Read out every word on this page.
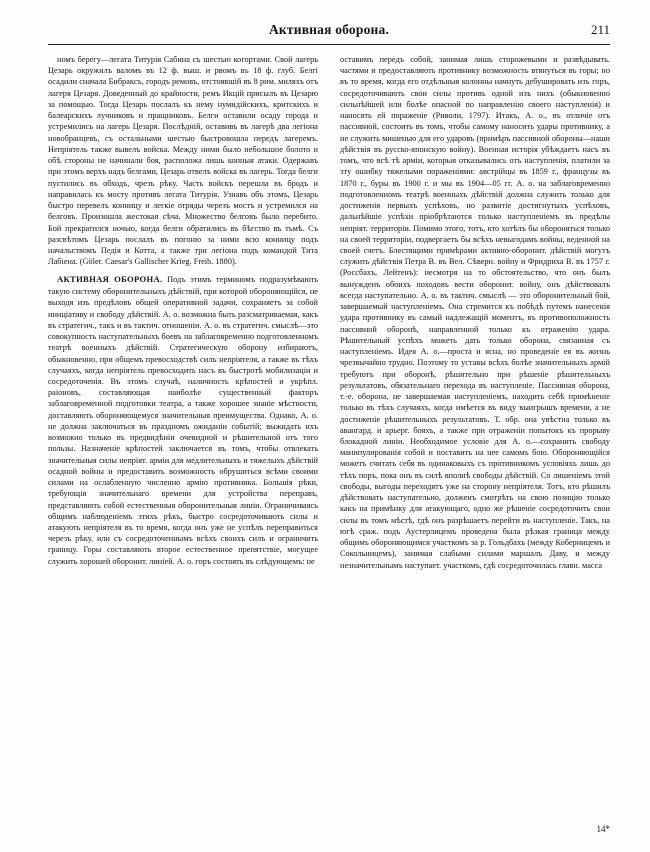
Активная оборона.	211

номъ берегу—легата Титурія Сабина съ шестью когортами. Свой лагерь Цезарь окружилъ валомъ въ 12 ф. выш. и рвомъ въ 18 ф. глуб. Белгі осадили сначала Бибраксъ, городъ ремовъ, отстоявшій въ 8 рим. миляхъ отъ лагеря Цезаря. Доведенный до крайности, ремъ Икцій присылъ въ Цезарю за помощью. Тогда Цезарь послалъ къ нему нумидійскихъ, критскихъ и балеарскихъ лучниковъ и пращниковъ. Белги оставили осаду города и устремились на лагерь Цезаря. Послѣдній, оставивъ въ лагерѣ два легіона новобранцевъ, съ остальными шестью быстровошла передъ лагеремъ. Непріятель также вывелъ войска. Между ними было небольшое болото и обѣ стороны не начинали боя, расположа лишь конныя атаки. Одержавъ при этомъ верхъ надъ белгами, Цезарь отвелъ войска въ лагерь. Тогда белги пустились въ обходъ, чрезъ рѣку. Часть войскъ перешла въ бродъ и направилась къ мосту противъ легата Титурія. Узнавъ объ этомъ, Цезарь быстро перевелъ конницу и легкіе отряды черезъ мостъ и устремился на белговъ. Произошла жестокая сѣча. Множество белговъ было перебито. Бой прекратился ночью, когда белги обратились въ бѣгство въ тьмѣ. Съ разсвѣтомъ Цезарь послалъ въ погоню за ними всю конницу подъ начальствомъ Педія и Котта, а также три легіона подъ командой Тита Лабіена. (Göler. Caesar's Gallischer Krieg. Freib. 1880).

АКТИВНАЯ ОБОРОНА. Подъ этимъ терминомъ подразумѣвають такую систему оборонительныхъ дѣйствій, при которой обороняющійся, не выходя изъ предѣловъ общей оперативной задачи, сохраняетъ за собой иниціативу и свободу дѣйствій. А. о. возможна быть разсматриваемая, какъ въ стратегич., такъ и въ тактич. отношеніи. А. о. въ стратегич. смыслѣ—это совокупность наступательныхъ боевъ на заблаговременно подготовленномъ театрѣ военныхъ дѣйствій. Стратегическую оборону избираютъ, обыкновенно, при общемъ превосходствѣ силъ непріятеля, а также въ тѣхъ случаяхъ, когда непріятель превосходить насъ въ быстротѣ мобилизаціи и сосредоточенія. Въ этомъ случаѣ, наличность крѣпостей и укрѣпл. раіоновъ, составляющая наиболѣе существенный факторъ заблаговременной подготовки театра, а также хорошее знаніе мѣстности, доставляють обороняющемуся значительныя преимущества. Однако, А. о. не должна заключаться въ праздномъ ожиданіи событій; выжидать ихъ возможно только въ предвидѣніи очевидной и рѣшительной отъ того пользы. Назначеніе крѣпостей заключается въ томъ, чтобы отвлекать значительныя силы непріят. арміи для медлительныхъ и тяжелыхъ дѣйствій осадной войны и предоставить возможность обрушиться всѣми своими силами на ослабленную численно армію противника. Большія рѣки, требующія значительнаго времени для устройства переправъ, представляють собой естественныя оборонительныя линіи. Ограничиваясь общимъ наблюденіемъ этихъ рѣкъ, быстро сосредоточивають силы и атакують непріятеля въ то время, когда онъ уже не успѣлъ переправиться черезъ рѣку, или съ сосредоточеннымъ всѣхъ своихъ силъ и ограничить границу. Горы составляють второе естественное препятствіе, могущее служить хорошей оборонит. линіей. А. о. горъ состоять въ слѣдующемъ: не

оставимъ передъ собой, занимая лишь сторожевыми и развѣдывать. частями и предоставляють противнику возможность втянуться въ горы; но въ то время, когда его отдѣльныя колонны начнуть дебушировать изъ горъ, сосредоточивають свои силы противъ одной изъ нихъ (обыкновенно сильнѣйшей или болѣе опасной по направленію своего наступленія) и наносять ей пораженіе (Риволи, 1797). Итакъ, А. о., въ отличіе отъ пассивной, состоить въ томъ, чтобы самому наносить удары противнику, а не служить мишенью для его ударовъ (примѣръ пассивной обороны—наши дѣйствія въ русско-японскую войну). Военная исторія убѣждаетъ насъ въ томъ, что всѣ тѣ арміи, которыя отказывались отъ наступленія, платили за эту ошибку тяжелыми пораженіями: австрійцы въ 1859 г., французы въ 1870 г., буры въ 1900 г. и мы въ 1904—05 гг. А. о. на заблаговременно подготовленномъ театрѣ военныхъ дѣйствій должна служить только для достиженія первыхъ успѣховъ, но развитіе достигнутыхъ успѣховъ, дальнѣйшіе успѣхи пріобрѣтаются только наступленіемъ въ предѣлы непріят. территоріи. Помимо этого, тотъ, кто хотѣлъ бы обороняться только на своей территоріи, подвергаетъ бы всѣхъ невыгодамъ войны, веденной на своей счетъ. Блестящими примѣрами активно-оборонит. дѣйствій могутъ служить дѣйствія Петра В. въ Вел. Сѣверн. войну и Фридриха В. въ 1757 г. (Россбахъ, Лейтенъ): несмотря на то обстоятельство, что онъ былъ вынужденъ обоихъ походовъ вести оборонит. войну, онъ дѣйствовалъ всегда наступательно. А. о. въ тактич. смыслѣ — это оборонительный бой, завершаемый наступленіемъ. Она стремится къ побѣдѣ путемъ нанесенія удара противнику въ самый надлежащій моментъ, въ противоположность пассивной оборонѣ, направленной только къ отраженію удара. Рѣшительный успѣхъ можеть дать только оборона, связанная съ наступленіемъ. Идея А. о.—проста и ясна, но проведеніе ея въ жизнь чрезвычайно трудно. Поэтому то уставы всѣхъ болѣе значительныхъ армій требуютъ при оборонѣ, рѣшительно при рѣшеніе рѣшительныхъ результатовъ, обязательнаго перехода въ наступленіе. Пассивная оборона, т.-е. оборона, не завершаемая наступленіемъ, находить себѣ примѣненіе только въ тѣхъ случаяхъ, когда имѣется въ виду выигрышъ времени, а не достиженіе рѣшительныхъ результатовъ. Т. обр. она увѣстна только въ авангард. и арьерг. бояхъ, а также при отраженіи попытокъ къ прорыву блокадной линіи. Необходимое условіе для А. о.—сохранить свободу манипулированія собой и поставить на нее самомъ бою. Обороняющійся можетъ считать себя въ одинаковыхъ съ противникомъ условіяхъ лишь до тѣхъ поръ, пока онъ въ силѣ вполнѣ свободы дѣйствій. Со лишеніемъ этой свободы, выгоды переходятъ уже на сторону непріятеля. Тотъ, кто рѣшилъ дѣйствовать наступательно, долженъ смотрѣть на свою позицію только какъ на примѣнку для атакующаго, одно же рѣшеніе сосредоточить свои силы въ томъ мѣстѣ, гдѣ онъ разрѣшаетъ перейти въ наступленіе. Такъ, на югѣ сраж. подъ Аустерлицемъ проведена была рѣзкая граница между общимъ обороняющимся участкомъ за р. Гольдбахъ (между Коберницемъ и Сокольницемъ), занимая слабыми силами маршалъ Даву, и между незначительнымъ наступает. участкомъ, гдѣ сосредоточилась главн. масса

14*
